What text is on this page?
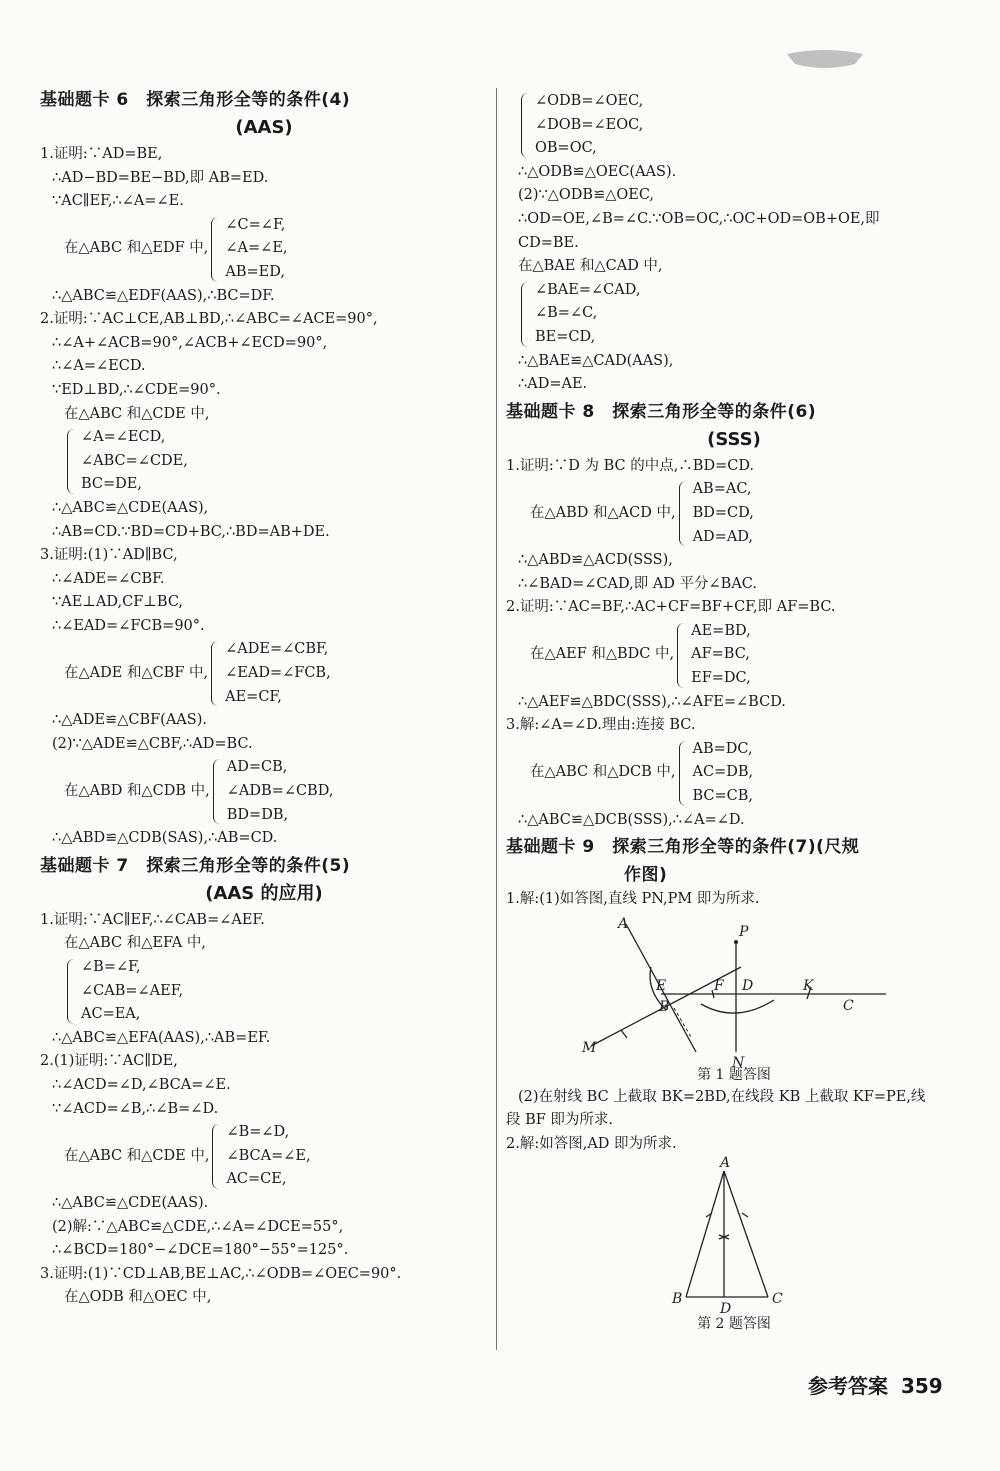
基础题卡 6　探索三角形全等的条件(4)
(AAS)
1.证明:∵AD=BE,
∴AD−BD=BE−BD,即 AB=ED.
∵AC∥EF,∴∠A=∠E.
在△ABC 和△EDF 中,
∠C=∠F,
∠A=∠E,
AB=ED,
∴△ABC≌△EDF(AAS),∴BC=DF.
2.证明:∵AC⊥CE,AB⊥BD,∴∠ABC=∠ACE=90°,
∴∠A+∠ACB=90°,∠ACB+∠ECD=90°,
∴∠A=∠ECD.
∵ED⊥BD,∴∠CDE=90°.
在△ABC 和△CDE 中,
∠A=∠ECD,
∠ABC=∠CDE,
BC=DE,
∴△ABC≌△CDE(AAS),
∴AB=CD.∵BD=CD+BC,∴BD=AB+DE.
3.证明:(1)∵AD∥BC,
∴∠ADE=∠CBF.
∵AE⊥AD,CF⊥BC,
∴∠EAD=∠FCB=90°.
在△ADE 和△CBF 中,
∠ADE=∠CBF,
∠EAD=∠FCB,
AE=CF,
∴△ADE≌△CBF(AAS).
(2)∵△ADE≌△CBF,∴AD=BC.
在△ABD 和△CDB 中,
AD=CB,
∠ADB=∠CBD,
BD=DB,
∴△ABD≌△CDB(SAS),∴AB=CD.
基础题卡 7　探索三角形全等的条件(5)
(AAS 的应用)
1.证明:∵AC∥EF,∴∠CAB=∠AEF.
在△ABC 和△EFA 中,
∠B=∠F,
∠CAB=∠AEF,
AC=EA,
∴△ABC≌△EFA(AAS),∴AB=EF.
2.(1)证明:∵AC∥DE,
∴∠ACD=∠D,∠BCA=∠E.
∵∠ACD=∠B,∴∠B=∠D.
在△ABC 和△CDE 中,
∠B=∠D,
∠BCA=∠E,
AC=CE,
∴△ABC≌△CDE(AAS).
(2)解:∵△ABC≌△CDE,∴∠A=∠DCE=55°,
∴∠BCD=180°−∠DCE=180°−55°=125°.
3.证明:(1)∵CD⊥AB,BE⊥AC,∴∠ODB=∠OEC=90°.
在△ODB 和△OEC 中,
∠ODB=∠OEC,
∠DOB=∠EOC,
OB=OC,
∴△ODB≌△OEC(AAS).
(2)∵△ODB≌△OEC,
∴OD=OE,∠B=∠C.∵OB=OC,∴OC+OD=OB+OE,即
CD=BE.
在△BAE 和△CAD 中,
∠BAE=∠CAD,
∠B=∠C,
BE=CD,
∴△BAE≌△CAD(AAS),
∴AD=AE.
基础题卡 8　探索三角形全等的条件(6)
(SSS)
1.证明:∵D 为 BC 的中点,∴BD=CD.
在△ABD 和△ACD 中,
AB=AC,
BD=CD,
AD=AD,
∴△ABD≌△ACD(SSS),
∴∠BAD=∠CAD,即 AD 平分∠BAC.
2.证明:∵AC=BF,∴AC+CF=BF+CF,即 AF=BC.
在△AEF 和△BDC 中,
AE=BD,
AF=BC,
EF=DC,
∴△AEF≌△BDC(SSS),∴∠AFE=∠BCD.
3.解:∠A=∠D.理由:连接 BC.
在△ABC 和△DCB 中,
AB=DC,
AC=DB,
BC=CB,
∴△ABC≌△DCB(SSS),∴∠A=∠D.
基础题卡 9　探索三角形全等的条件(7)(尺规
作图)
1.解:(1)如答图,直线 PN,PM 即为所求.
A	P
E	F D	K
C
B
M
N
第 1 题答图
(2)在射线 BC 上截取 BK=2BD,在线段 KB 上截取 KF=PE,线
段 BF 即为所求.
2.解:如答图,AD 即为所求.
A
B
D
C
第 2 题答图
参考答案 359
